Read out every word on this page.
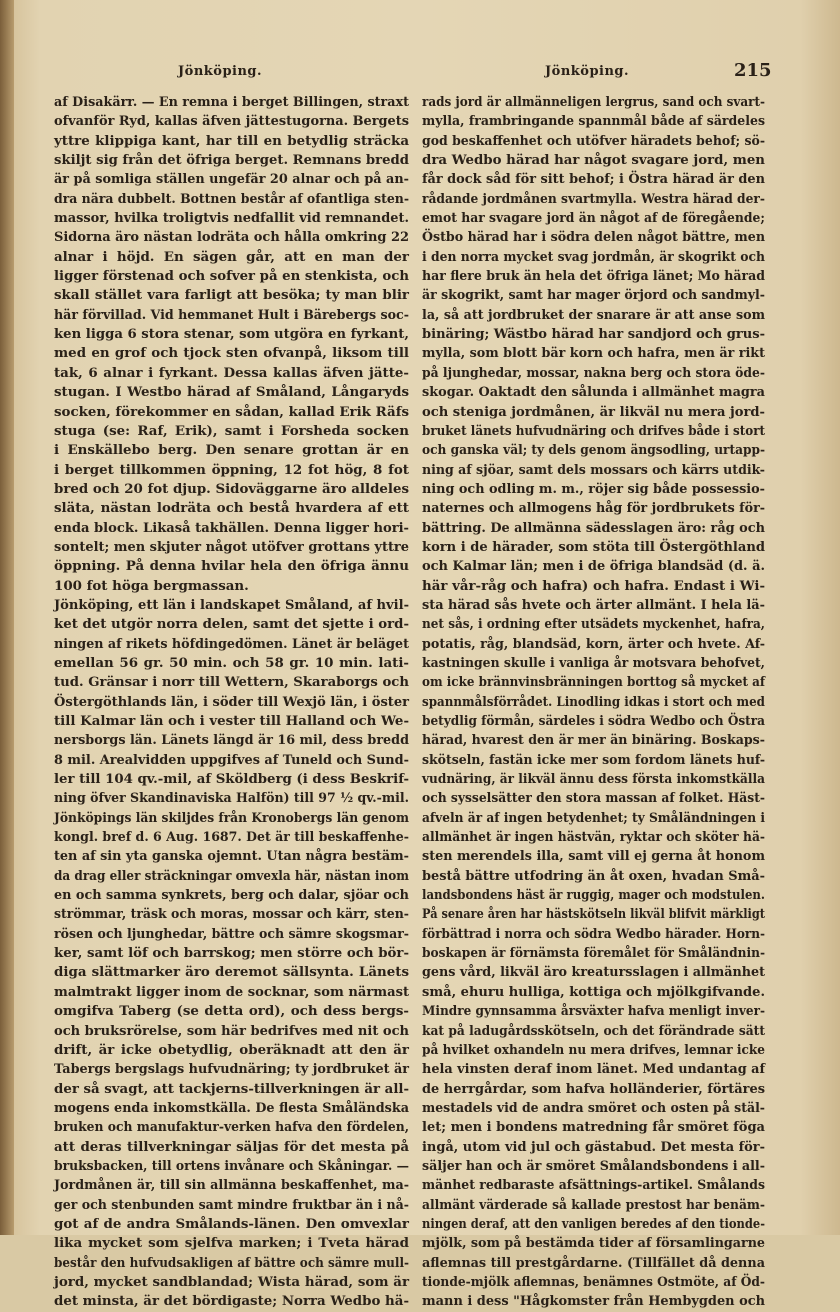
Jönköping.	Jönköping.	215
af Disakärr. — En remna i berget Billingen, straxt
ofvanför Ryd, kallas äfven jättestugorna. Bergets
yttre klippiga kant, har till en betydlig sträcka
skiljt sig från det öfriga berget. Remnans bredd
är på somliga ställen ungefär 20 alnar och på an-
dra nära dubbelt. Bottnen består af ofantliga sten-
massor, hvilka troligtvis nedfallit vid remnandet.
Sidorna äro nästan lodräta och hålla omkring 22
alnar i höjd. En sägen går, att en man der
ligger förstenad och sofver på en stenkista, och
skall stället vara farligt att besöka; ty man blir
här förvillad. Vid hemmanet Hult i Bärebergs soc-
ken ligga 6 stora stenar, som utgöra en fyrkant,
med en grof och tjock sten ofvanpå, liksom till
tak, 6 alnar i fyrkant. Dessa kallas äfven jätte-
stugan. I Westbo härad af Småland, Långaryds
socken, förekommer en sådan, kallad Erik Räfs
stuga (se: Raf, Erik), samt i Forsheda socken
i Enskällebo berg. Den senare grottan är en
i berget tillkommen öppning, 12 fot hög, 8 fot
bred och 20 fot djup. Sidoväggarne äro alldeles
släta, nästan lodräta och bestå hvardera af ett
enda block. Likaså takhällen. Denna ligger hori-
sontelt; men skjuter något utöfver grottans yttre
öppning. På denna hvilar hela den öfriga ännu
100 fot höga bergmassan.
Jönköping, ett län i landskapet Småland, af hvil-
ket det utgör norra delen, samt det sjette i ord-
ningen af rikets höfdingedömen. Länet är beläget
emellan 56 gr. 50 min. och 58 gr. 10 min. lati-
tud. Gränsar i norr till Wettern, Skaraborgs och
Östergöthlands län, i söder till Wexjö län, i öster
till Kalmar län och i vester till Halland och We-
nersborgs län. Länets längd är 16 mil, dess bredd
8 mil. Arealvidden uppgifves af Tuneld och Sund-
ler till 104 qv.-mil, af Sköldberg (i dess Beskrif-
ning öfver Skandinaviska Halfön) till 97 ½ qv.-mil.
Jönköpings län skiljdes från Kronobergs län genom
kongl. bref d. 6 Aug. 1687. Det är till beskaffenhe-
ten af sin yta ganska ojemnt. Utan några bestäm-
da drag eller sträckningar omvexla här, nästan inom
en och samma synkrets, berg och dalar, sjöar och
strömmar, träsk och moras, mossar och kärr, sten-
rösen och ljunghedar, bättre och sämre skogsmar-
ker, samt löf och barrskog; men större och bör-
diga slättmarker äro deremot sällsynta. Länets
malmtrakt ligger inom de socknar, som närmast
omgifva Taberg (se detta ord), och dess bergs-
och bruksrörelse, som här bedrifves med nit och
drift, är icke obetydlig, oberäknadt att den är
Tabergs bergslags hufvudnäring; ty jordbruket är
der så svagt, att tackjerns-tillverkningen är all-
mogens enda inkomstkälla. De flesta Småländska
bruken och manufaktur-verken hafva den fördelen,
att deras tillverkningar säljas för det mesta på
bruksbacken, till ortens invånare och Skåningar. —
Jordmånen är, till sin allmänna beskaffenhet, ma-
ger och stenbunden samt mindre fruktbar än i nå-
got af de andra Smålands-länen. Den omvexlar
lika mycket som sjelfva marken; i Tveta härad
består den hufvudsakligen af bättre och sämre mull-
jord, mycket sandblandad; Wista härad, som är
det minsta, är det bördigaste; Norra Wedbo hä-
rads jord är allmänneligen lergrus, sand och svart-
mylla, frambringande spannmål både af särdeles
god beskaffenhet och utöfver häradets behof; sö-
dra Wedbo härad har något svagare jord, men
får dock såd för sitt behof; i Östra härad är den
rådande jordmånen svartmylla. Westra härad der-
emot har svagare jord än något af de föregående;
Östbo härad har i södra delen något bättre, men
i den norra mycket svag jordmån, är skogrikt och
har flere bruk än hela det öfriga länet; Mo härad
är skogrikt, samt har mager örjord och sandmyl-
la, så att jordbruket der snarare är att anse som
binäring; Wästbo härad har sandjord och grus-
mylla, som blott bär korn och hafra, men är rikt
på ljunghedar, mossar, nakna berg och stora öde-
skogar. Oaktadt den sålunda i allmänhet magra
och steniga jordmånen, är likväl nu mera jord-
bruket länets hufvudnäring och drifves både i stort
och ganska väl; ty dels genom ängsodling, urtapp-
ning af sjöar, samt dels mossars och kärrs utdik-
ning och odling m. m., röjer sig både possessio-
naternes och allmogens håg för jordbrukets för-
bättring. De allmänna sädesslagen äro: råg och
korn i de härader, som stöta till Östergöthland
och Kalmar län; men i de öfriga blandsäd (d. ä.
här vår-råg och hafra) och hafra. Endast i Wi-
sta härad sås hvete och ärter allmänt. I hela lä-
net sås, i ordning efter utsädets myckenhet, hafra,
potatis, råg, blandsäd, korn, ärter och hvete. Af-
kastningen skulle i vanliga år motsvara behofvet,
om icke brännvinsbränningen borttog så mycket af
spannmålsförrådet. Linodling idkas i stort och med
betydlig förmån, särdeles i södra Wedbo och Östra
härad, hvarest den är mer än binäring. Boskaps-
skötseln, fastän icke mer som fordom länets huf-
vudnäring, är likväl ännu dess första inkomstkälla
och sysselsätter den stora massan af folket. Häst-
afveln är af ingen betydenhet; ty Småländningen i
allmänhet är ingen hästvän, ryktar och sköter hä-
sten merendels illa, samt vill ej gerna åt honom
bestå bättre utfodring än åt oxen, hvadan Små-
landsbondens häst är ruggig, mager och modstulen.
På senare åren har hästskötseln likväl blifvit märkligt
förbättrad i norra och södra Wedbo härader. Horn-
boskapen är förnämsta föremålet för Småländnin-
gens vård, likväl äro kreatursslagen i allmänhet
små, ehuru hulliga, kottiga och mjölkgifvande.
Mindre gynnsamma årsväxter hafva menligt inver-
kat på ladugårdsskötseln, och det förändrade sätt
på hvilket oxhandeln nu mera drifves, lemnar icke
hela vinsten deraf inom länet. Med undantag af
de herrgårdar, som hafva holländerier, förtäres
mestadels vid de andra smöret och osten på stäl-
let; men i bondens matredning får smöret föga
ingå, utom vid jul och gästabud. Det mesta för-
säljer han och är smöret Smålandsbondens i all-
mänhet redbaraste afsättnings-artikel. Smålands
allmänt värderade så kallade prestost har benäm-
ningen deraf, att den vanligen beredes af den tionde-
mjölk, som på bestämda tider af församlingarne
aflemnas till prestgårdarne. (Tillfället då denna
tionde-mjölk aflemnas, benämnes Ostmöte, af Öd-
mann i dess "Hågkomster från Hembygden och
